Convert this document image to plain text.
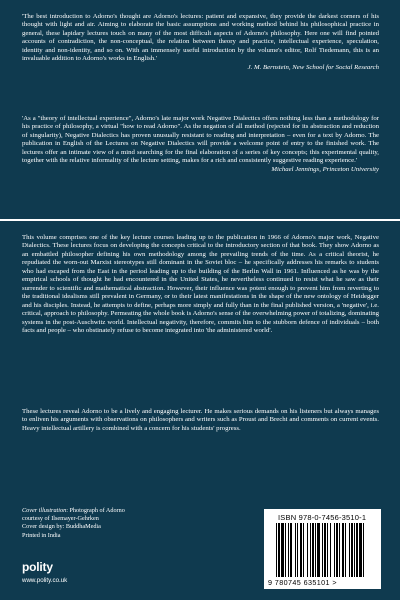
'The best introduction to Adorno's thought are Adorno's lectures: patient and expansive, they provide the darkest corners of his thought with light and air. Aiming to elaborate the basic assumptions and working method behind his philosophical practice in general, these lapidary lectures touch on many of the most difficult aspects of Adorno's philosophy. Here one will find pointed accounts of contradiction, the non-conceptual, the relation between theory and practice, intellectual experience, speculation, identity and non-identity, and so on. With an immensely useful introduction by the volume's editor, Rolf Tiedemann, this is an invaluable addition to Adorno's works in English.'
J. M. Bernstein, New School for Social Research

'As a "theory of intellectual experience", Adorno's late major work Negative Dialectics offers nothing less than a methodology for his practice of philosophy, a virtual "how to read Adorno". As the negation of all method (rejected for its abstraction and reduction of singularity), Negative Dialectics has proven unusually resistant to reading and interpretation – even for a text by Adorno. The publication in English of the Lectures on Negative Dialectics will provide a welcome point of entry to the finished work. The lectures offer an intimate view of a mind searching for the final elaboration of a series of key concepts; this experimental quality, together with the relative informality of the lecture setting, makes for a rich and consistently suggestive reading experience.'
Michael Jennings, Princeton University

This volume comprises one of the key lecture courses leading up to the publication in 1966 of Adorno's major work, Negative Dialectics. These lectures focus on developing the concepts critical to the introductory section of that book. They show Adorno as an embattled philosopher defining his own methodology among the prevailing trends of the time. As a critical theorist, he repudiated the worn-out Marxist stereotypes still dominant in the Soviet bloc – he specifically addresses his remarks to students who had escaped from the East in the period leading up to the building of the Berlin Wall in 1961. Influenced as he was by the empirical schools of thought he had encountered in the United States, he nevertheless continued to resist what he saw as their surrender to scientific and mathematical abstraction. However, their influence was potent enough to prevent him from reverting to the traditional idealisms still prevalent in Germany, or to their latest manifestations in the shape of the new ontology of Heidegger and his disciples. Instead, he attempts to define, perhaps more simply and fully than in the final published version, a 'negative', i.e. critical, approach to philosophy. Permeating the whole book is Adorno's sense of the overwhelming power of totalizing, dominating systems in the post-Auschwitz world. Intellectual negativity, therefore, commits him to the stubborn defence of individuals – both facts and people – who obstinately refuse to become integrated into 'the administered world'.

These lectures reveal Adorno to be a lively and engaging lecturer. He makes serious demands on his listeners but always manages to enliven his arguments with observations on philosophers and writers such as Proust and Brecht and comments on current events. Heavy intellectual artillery is combined with a concern for his students' progress.

Cover illustration: Photograph of Adorno
courtesy of Ilsemayer-Gehrken
Cover design by: BuddhaMedia
Printed in India
polity
www.polity.co.uk
ISBN 978-0-7456-3510-1
9 780745 635101 >
